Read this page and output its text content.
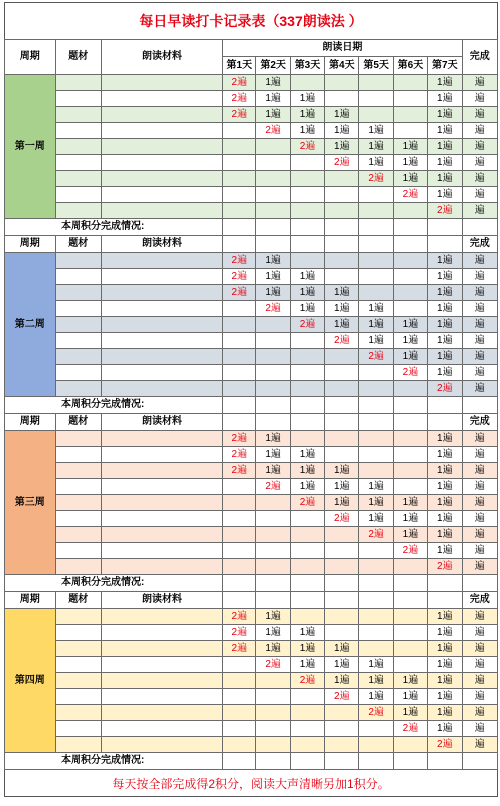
每日早读打卡记录表（337朗读法 ）
周期	题材	朗读材料	朗读日期							完成
			第1天	第2天	第3天	第4天	第5天	第6天	第7天	
第一周			2遍	1遍					1遍	遍
			2遍	1遍	1遍				1遍	遍
			2遍	1遍	1遍	1遍			1遍	遍
				2遍	1遍	1遍	1遍		1遍	遍
					2遍	1遍	1遍	1遍	1遍	遍
						2遍	1遍	1遍	1遍	遍
							2遍	1遍	1遍	遍
								2遍	1遍	遍
									2遍	遍
本周积分完成情况:										
周期	题材	朗读材料								完成
第二周			2遍	1遍					1遍	遍
			2遍	1遍	1遍				1遍	遍
			2遍	1遍	1遍	1遍			1遍	遍
				2遍	1遍	1遍	1遍		1遍	遍
					2遍	1遍	1遍	1遍	1遍	遍
						2遍	1遍	1遍	1遍	遍
							2遍	1遍	1遍	遍
								2遍	1遍	遍
									2遍	遍
本周积分完成情况:										
周期	题材	朗读材料								完成
第三周			2遍	1遍					1遍	遍
			2遍	1遍	1遍				1遍	遍
			2遍	1遍	1遍	1遍			1遍	遍
				2遍	1遍	1遍	1遍		1遍	遍
					2遍	1遍	1遍	1遍	1遍	遍
						2遍	1遍	1遍	1遍	遍
							2遍	1遍	1遍	遍
								2遍	1遍	遍
									2遍	遍
本周积分完成情况:										
周期	题材	朗读材料								完成
第四周			2遍	1遍					1遍	遍
			2遍	1遍	1遍				1遍	遍
			2遍	1遍	1遍	1遍			1遍	遍
				2遍	1遍	1遍	1遍		1遍	遍
					2遍	1遍	1遍	1遍	1遍	遍
						2遍	1遍	1遍	1遍	遍
							2遍	1遍	1遍	遍
								2遍	1遍	遍
									2遍	遍
本周积分完成情况:										
每天按全部完成得2积分，阅读大声清晰另加1积分。
